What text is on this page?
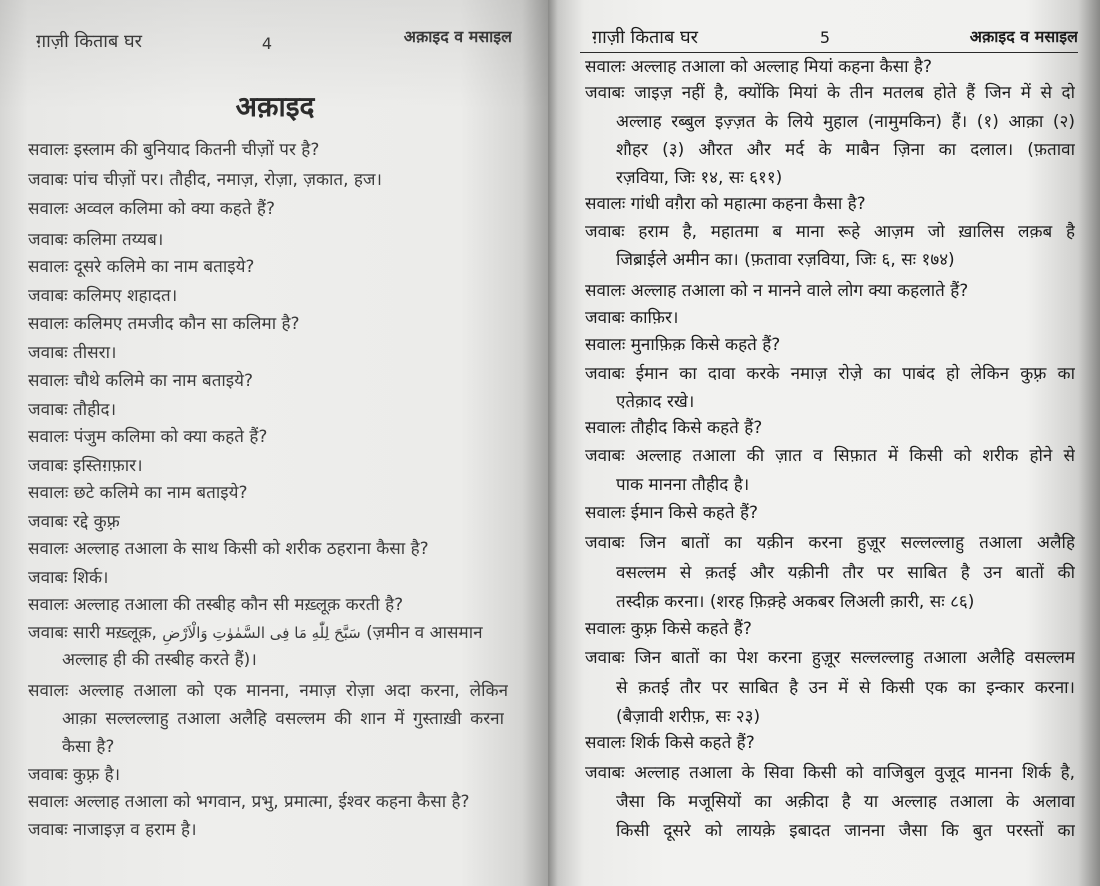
ग़ाज़ी किताब घर	4	अक़ाइद व मसाइल
अक़ाइद
सवालः इस्लाम की बुनियाद कितनी चीज़ों पर है?
जवाबः पांच चीज़ों पर। तौहीद, नमाज़, रोज़ा, ज़कात, हज।
सवालः अव्वल कलिमा को क्या कहते हैं?
जवाबः कलिमा तय्यब।
सवालः दूसरे कलिमे का नाम बताइये?
जवाबः कलिमए शहादत।
सवालः कलिमए तमजीद कौन सा कलिमा है?
जवाबः तीसरा।
सवालः चौथे कलिमे का नाम बताइये?
जवाबः तौहीद।
सवालः पंजुम कलिमा को क्या कहते हैं?
जवाबः इस्तिग़फ़ार।
सवालः छटे कलिमे का नाम बताइये?
जवाबः रद्दे कुफ़्र
सवालः अल्लाह तआला के साथ किसी को शरीक ठहराना कैसा है?
जवाबः शिर्क।
सवालः अल्लाह तआला की तस्बीह कौन सी मख़्लूक़ करती है?
जवाबः सारी मख़्लूक़, سَبَّحَ لِلّٰهِ مَا فِى السَّمٰوٰتِ وَالْاَرْضِ (ज़मीन व आसमान
अल्लाह ही की तस्बीह करते हैं)।
सवालः अल्लाह तआला को एक मानना, नमाज़ रोज़ा अदा करना, लेकिन
आक़ा सल्लल्लाहु तआला अलैहि वसल्लम की शान में गुस्ताख़ी करना
कैसा है?
जवाबः कुफ़्र है।
सवालः अल्लाह तआला को भगवान, प्रभु, प्रमात्मा, ईश्वर कहना कैसा है?
जवाबः नाजाइज़ व हराम है।
ग़ाज़ी किताब घर	5	अक़ाइद व मसाइल
सवालः अल्लाह तआला को अल्लाह मियां कहना कैसा है?
जवाबः जाइज़ नहीं है, क्योंकि मियां के तीन मतलब होते हैं जिन में से दो
अल्लाह रब्बुल इज़्ज़त के लिये मुहाल (नामुमकिन) हैं। (१) आक़ा (२)
शौहर (३) औरत और मर्द के माबैन ज़िना का दलाल। (फ़तावा
रज़विया, जिः १४, सः ६११)
सवालः गांधी वग़ैरा को महात्मा कहना कैसा है?
जवाबः हराम है, महातमा ब माना रूहे आज़म जो ख़ालिस लक़ब है
जिब्राईले अमीन का। (फ़तावा रज़विया, जिः ६, सः १७४)
सवालः अल्लाह तआला को न मानने वाले लोग क्या कहलाते हैं?
जवाबः काफ़िर।
सवालः मुनाफ़िक़ किसे कहते हैं?
जवाबः ईमान का दावा करके नमाज़ रोज़े का पाबंद हो लेकिन कुफ़्र का
एतेक़ाद रखे।
सवालः तौहीद किसे कहते हैं?
जवाबः अल्लाह तआला की ज़ात व सिफ़ात में किसी को शरीक होने से
पाक मानना तौहीद है।
सवालः ईमान किसे कहते हैं?
जवाबः जिन बातों का यक़ीन करना हुज़ूर सल्लल्लाहु तआला अलैहि
वसल्लम से क़तई और यक़ीनी तौर पर साबित है उन बातों की
तस्दीक़ करना। (शरह फ़िक़्हे अकबर लिअली क़ारी, सः ८६)
सवालः कुफ़्र किसे कहते हैं?
जवाबः जिन बातों का पेश करना हुज़ूर सल्लल्लाहु तआला अलैहि वसल्लम
से क़तई तौर पर साबित है उन में से किसी एक का इन्कार करना।
(बैज़ावी शरीफ़, सः २३)
सवालः शिर्क किसे कहते हैं?
जवाबः अल्लाह तआला के सिवा किसी को वाजिबुल वुजूद मानना शिर्क है,
जैसा कि मजूसियों का अक़ीदा है या अल्लाह तआला के अलावा
किसी दूसरे को लायक़े इबादत जानना जैसा कि बुत परस्तों का
